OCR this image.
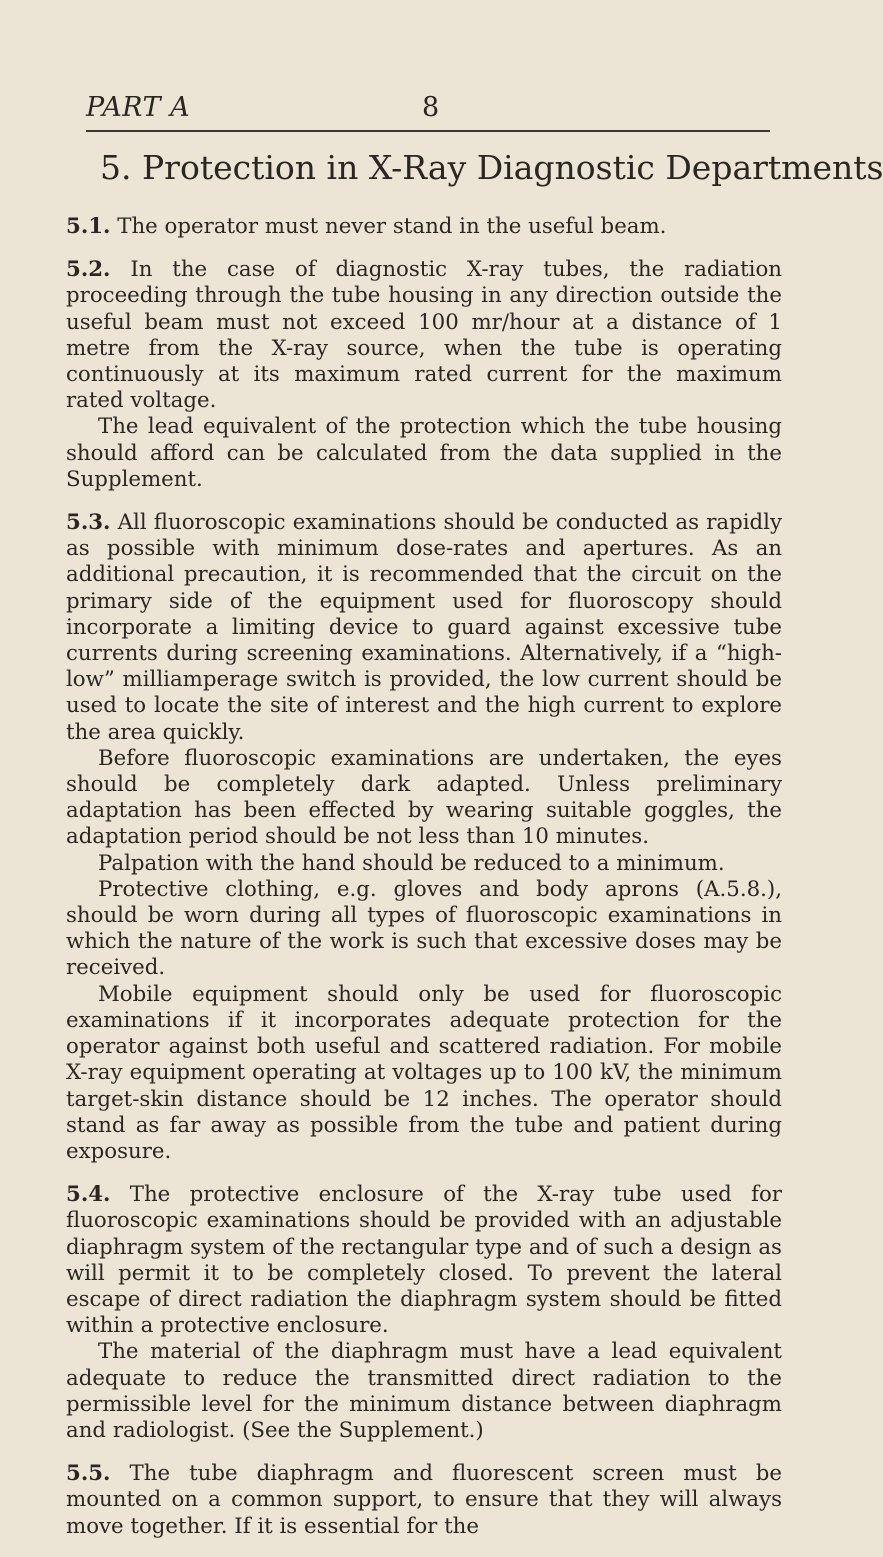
PART A	8
5. Protection in X-Ray Diagnostic Departments

5.1. The operator must never stand in the useful beam.

5.2. In the case of diagnostic X-ray tubes, the radiation proceeding through the tube housing in any direction outside the useful beam must not exceed 100 mr/hour at a distance of 1 metre from the X-ray source, when the tube is operating continuously at its maximum rated current for the maximum rated voltage.

The lead equivalent of the protection which the tube housing should afford can be calculated from the data supplied in the Supplement.

5.3. All fluoroscopic examinations should be conducted as rapidly as possible with minimum dose-rates and apertures. As an additional precaution, it is recommended that the circuit on the primary side of the equipment used for fluoroscopy should incorporate a limiting device to guard against excessive tube currents during screening examinations. Alternatively, if a “high-low” milliamperage switch is provided, the low current should be used to locate the site of interest and the high current to explore the area quickly.

Before fluoroscopic examinations are undertaken, the eyes should be completely dark adapted. Unless preliminary adaptation has been effected by wearing suitable goggles, the adaptation period should be not less than 10 minutes.

Palpation with the hand should be reduced to a minimum.

Protective clothing, e.g. gloves and body aprons (A.5.8.), should be worn during all types of fluoroscopic examinations in which the nature of the work is such that excessive doses may be received.

Mobile equipment should only be used for fluoroscopic examinations if it incorporates adequate protection for the operator against both useful and scattered radiation. For mobile X-ray equipment operating at voltages up to 100 kV, the minimum target-skin distance should be 12 inches. The operator should stand as far away as possible from the tube and patient during exposure.

5.4. The protective enclosure of the X-ray tube used for fluoroscopic examinations should be provided with an adjustable diaphragm system of the rectangular type and of such a design as will permit it to be completely closed. To prevent the lateral escape of direct radiation the diaphragm system should be fitted within a protective enclosure.

The material of the diaphragm must have a lead equivalent adequate to reduce the transmitted direct radiation to the permissible level for the minimum distance between diaphragm and radiologist. (See the Supplement.)

5.5. The tube diaphragm and fluorescent screen must be mounted on a common support, to ensure that they will always move together. If it is essential for the
